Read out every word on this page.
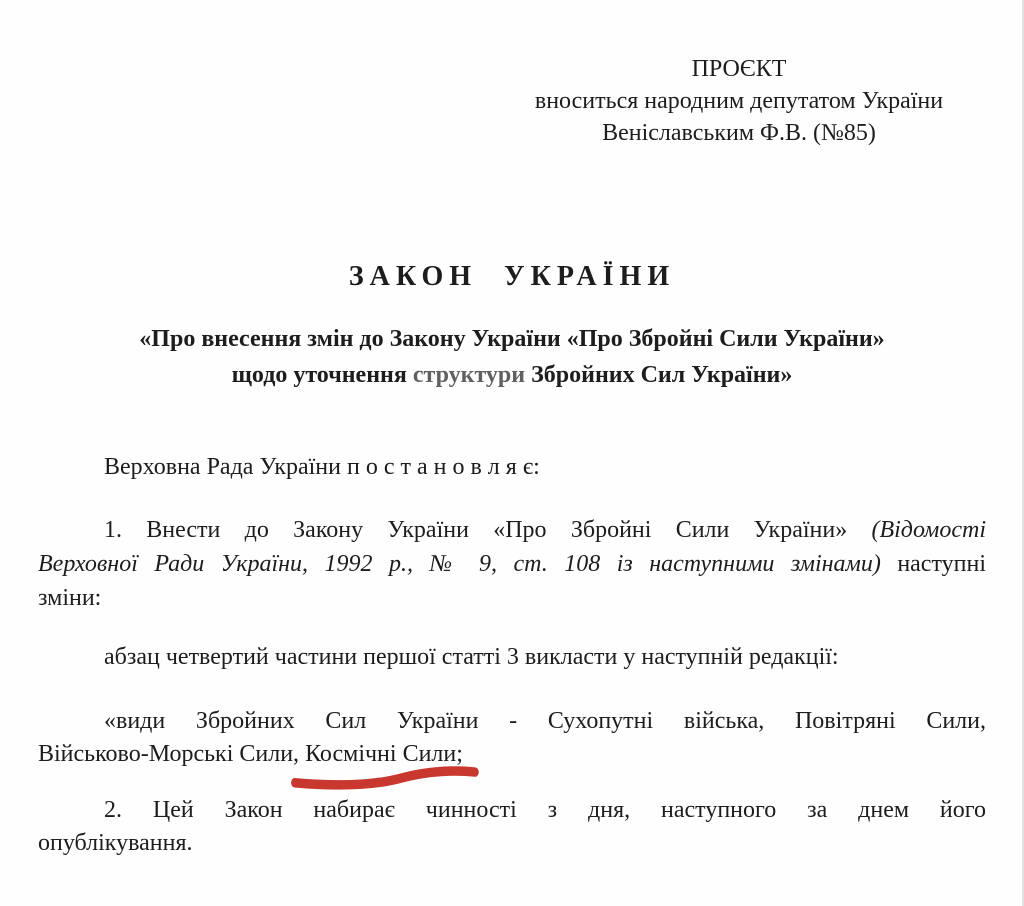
ПРОЄКТ
вноситься народним депутатом України
Веніславським Ф.В. (№85)
ЗАКОН УКРАЇНИ
«Про внесення змін до Закону України «Про Збройні Сили України»
щодо уточнення структури Збройних Сил України»
Верховна Рада України п о с т а н о в л я є:
1. Внести до Закону України «Про Збройні Сили України» (Відомості
Верховної Ради України, 1992 р., № 9, ст. 108 із наступними змінами) наступні
зміни:
абзац четвертий частини першої статті 3 викласти у наступній редакції:
«види Збройних Сил України - Сухопутні війська, Повітряні Сили,
Військово-Морські Сили, Космічні Сили;
2. Цей Закон набирає чинності з дня, наступного за днем його
опублікування.
